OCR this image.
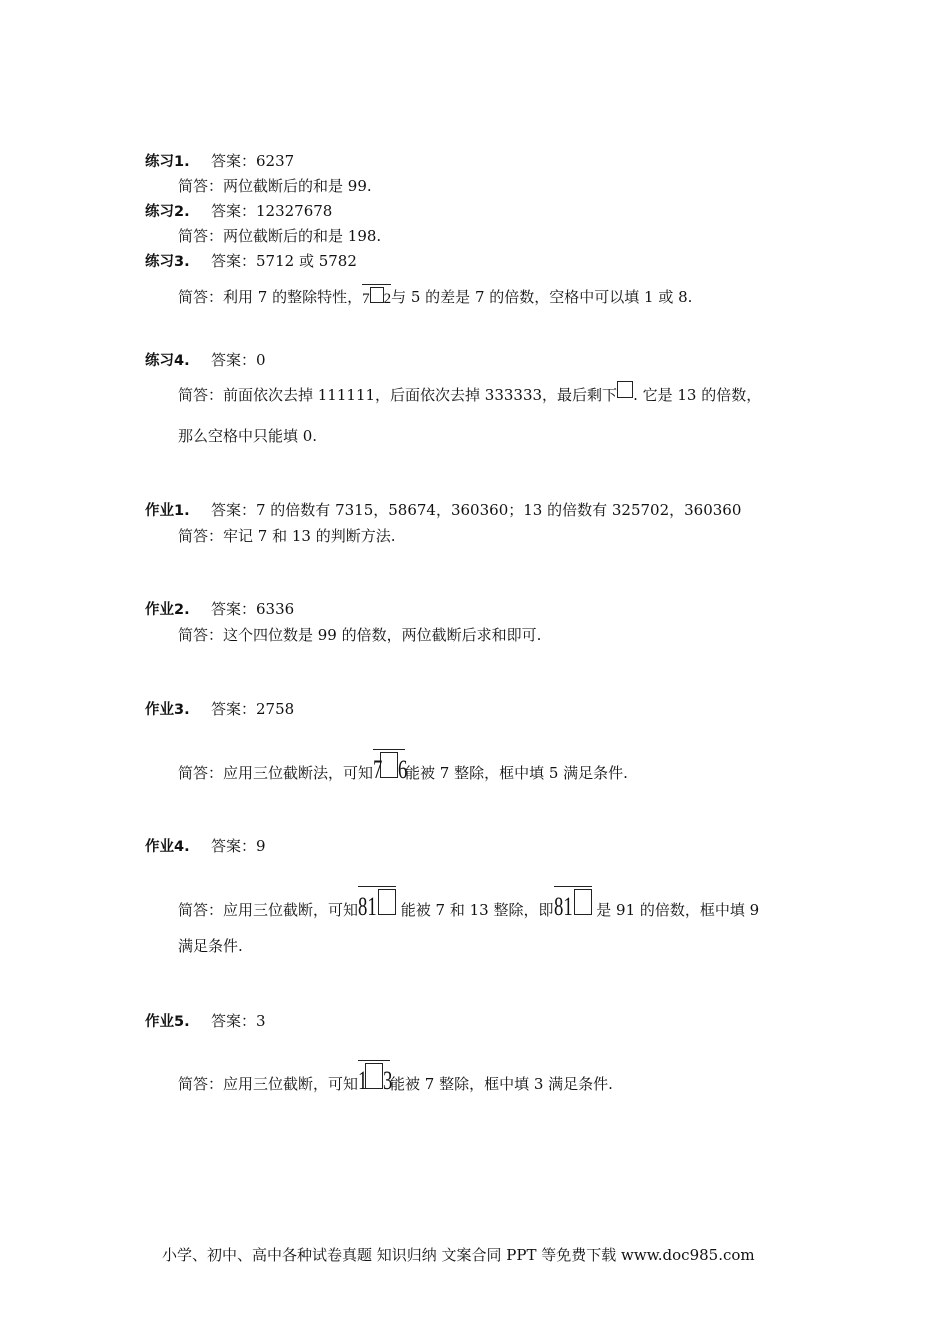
练习1. 答案：6237
简答：两位截断后的和是 99.
练习2. 答案：12327678
简答：两位截断后的和是 198.
练习3. 答案：5712 或 5782
简答：利用 7 的整除特性，7 2与 5 的差是 7 的倍数，空格中可以填 1 或 8.
练习4. 答案：0
简答：前面依次去掉 111111，后面依次去掉 333333，最后剩下 . 它是 13 的倍数，
那么空格中只能填 0.
作业1. 答案：7 的倍数有 7315，58674，360360；13 的倍数有 325702，360360
简答：牢记 7 和 13 的判断方法.
作业2. 答案：6336
简答：这个四位数是 99 的倍数，两位截断后求和即可.
作业3. 答案：2758
简答：应用三位截断法，可知7 6能被 7 整除，框中填 5 满足条件.
作业4. 答案：9
简答：应用三位截断，可知81 能被 7 和 13 整除，即81 是 91 的倍数，框中填 9
满足条件.
作业5. 答案：3
简答：应用三位截断，可知1 3能被 7 整除，框中填 3 满足条件.
小学、初中、高中各种试卷真题 知识归纳 文案合同 PPT 等免费下载 www.doc985.com
